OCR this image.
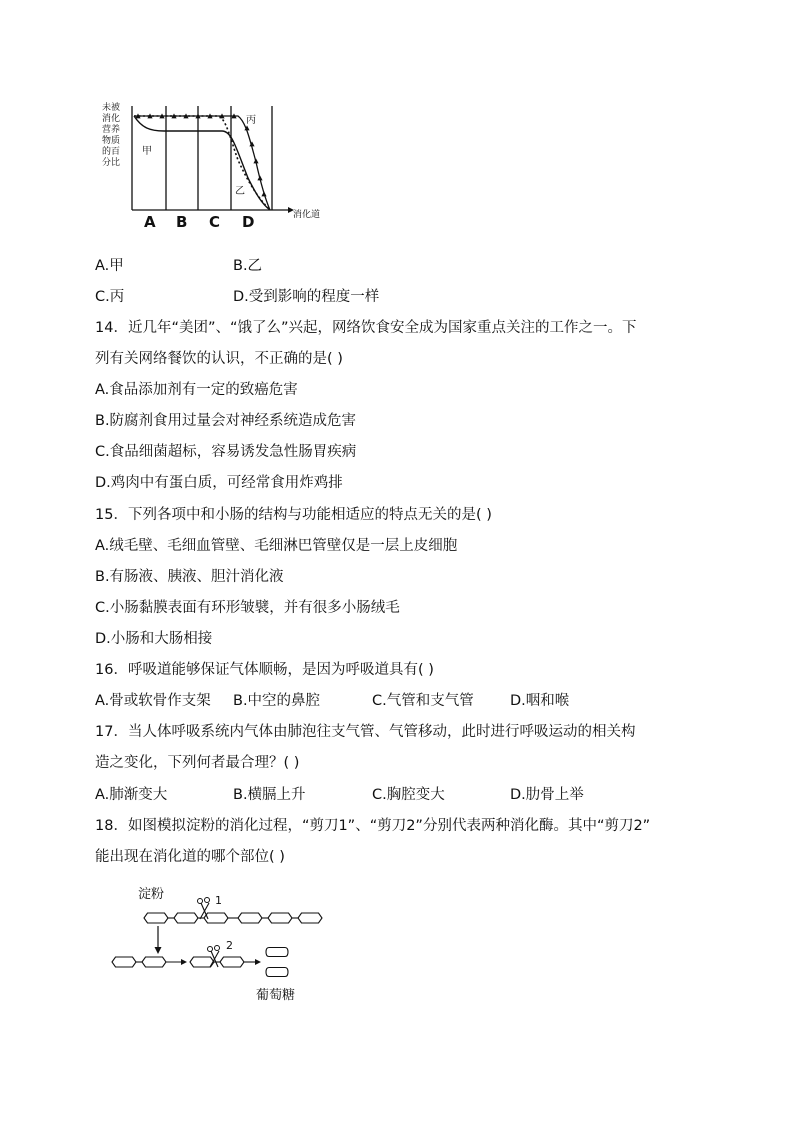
未被
消化
营养
物质
的百
分比
甲
乙
丙
A B C D	消化道
A.甲	B.乙
C.丙	D.受到影响的程度一样
14．近几年“美团”、“饿了么”兴起，网络饮食安全成为国家重点关注的工作之一。下
列有关网络餐饮的认识，不正确的是( )
A.食品添加剂有一定的致癌危害
B.防腐剂食用过量会对神经系统造成危害
C.食品细菌超标，容易诱发急性肠胃疾病
D.鸡肉中有蛋白质，可经常食用炸鸡排
15．下列各项中和小肠的结构与功能相适应的特点无关的是( )
A.绒毛壁、毛细血管壁、毛细淋巴管壁仅是一层上皮细胞
B.有肠液、胰液、胆汁消化液
C.小肠黏膜表面有环形皱襞，并有很多小肠绒毛
D.小肠和大肠相接
16．呼吸道能够保证气体顺畅，是因为呼吸道具有( )
A.骨或软骨作支架 B.中空的鼻腔	C.气管和支气管	D.咽和喉
17．当人体呼吸系统内气体由肺泡往支气管、气管移动，此时进行呼吸运动的相关构
造之变化，下列何者最合理？( )
A.肺渐变大	B.横膈上升	C.胸腔变大	D.肋骨上举
18．如图模拟淀粉的消化过程，“剪刀1”、“剪刀2”分别代表两种消化酶。其中“剪刀2”
能出现在消化道的哪个部位( )
淀粉	1
2
葡萄糖
